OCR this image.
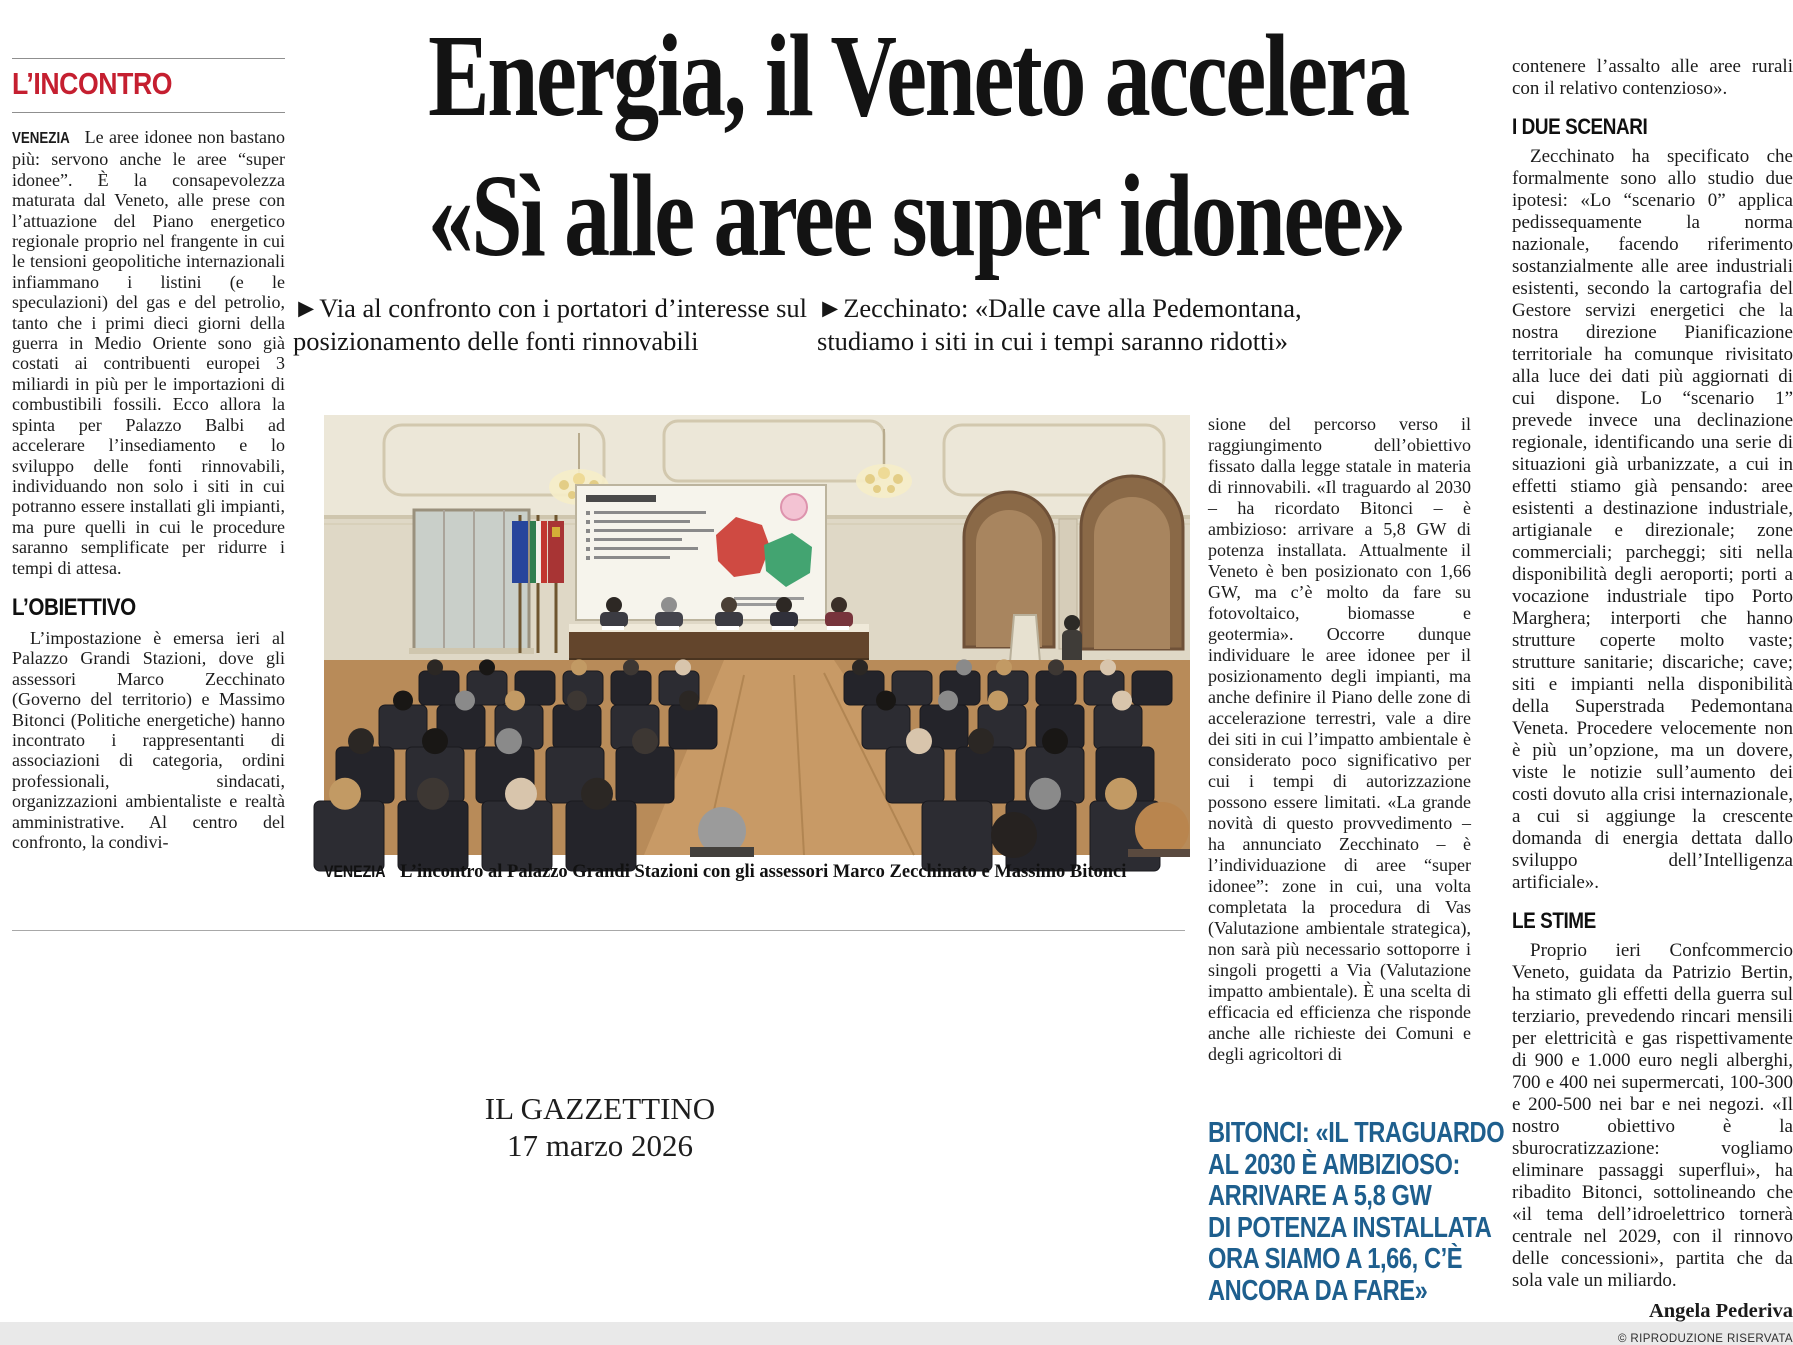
L’INCONTRO

VENEZIA Le aree idonee non bastano più: servono anche le aree “super idonee”. È la consapevolezza maturata dal Veneto, alle prese con l’attuazione del Piano energetico regionale proprio nel frangente in cui le tensioni geopolitiche internazionali infiammano i listini (e le speculazioni) del gas e del petrolio, tanto che i primi dieci giorni della guerra in Medio Oriente sono già costati ai contribuenti europei 3 miliardi in più per le importazioni di combustibili fossili. Ecco allora la spinta per Palazzo Balbi ad accelerare l’insediamento e lo sviluppo delle fonti rinnovabili, individuando non solo i siti in cui potranno essere installati gli impianti, ma pure quelli in cui le procedure saranno semplificate per ridurre i tempi di attesa.

L’OBIETTIVO

L’impostazione è emersa ieri al Palazzo Grandi Stazioni, dove gli assessori Marco Zecchinato (Governo del territorio) e Massimo Bitonci (Politiche energetiche) hanno incontrato i rappresentanti di associazioni di categoria, ordini professionali, sindacati, organizzazioni ambientaliste e realtà amministrative. Al centro del confronto, la condivi-

Energia, il Veneto accelera
«Sì alle aree super idonee»
►Via al confronto con i portatori d’interesse sul posizionamento delle fonti rinnovabili
►Zecchinato: «Dalle cave alla Pedemontana, studiamo i siti in cui i tempi saranno ridotti»
VENEZIA L’incontro al Palazzo Grandi Stazioni con gli assessori Marco Zecchinato e Massimo Bitonci
IL GAZZETTINO
17 marzo 2026

sione del percorso verso il raggiungimento dell’obiettivo fissato dalla legge statale in materia di rinnovabili. «Il traguardo al 2030 – ha ricordato Bitonci – è ambizioso: arrivare a 5,8 GW di potenza installata. Attualmente il Veneto è ben posizionato con 1,66 GW, ma c’è molto da fare su fotovoltaico, biomasse e geotermia». Occorre dunque individuare le aree idonee per il posizionamento degli impianti, ma anche definire il Piano delle zone di accelerazione terrestri, vale a dire dei siti in cui l’impatto ambientale è considerato poco significativo per cui i tempi di autorizzazione possono essere limitati. «La grande novità di questo provvedimento – ha annunciato Zecchinato – è l’individuazione di aree “super idonee”: zone in cui, una volta completata la procedura di Vas (Valutazione ambientale strategica), non sarà più necessario sottoporre i singoli progetti a Via (Valutazione impatto ambientale). È una scelta di efficacia ed efficienza che risponde anche alle richieste dei Comuni e degli agricoltori di

BITONCI: «IL TRAGUARDO
AL 2030 È AMBIZIOSO:
ARRIVARE A 5,8 GW
DI POTENZA INSTALLATA
ORA SIAMO A 1,66, C’È
ANCORA DA FARE»

contenere l’assalto alle aree rurali con il relativo contenzioso».

I DUE SCENARI

Zecchinato ha specificato che formalmente sono allo studio due ipotesi: «Lo “scenario 0” applica pedissequamente la norma nazionale, facendo riferimento sostanzialmente alle aree industriali esistenti, secondo la cartografia del Gestore servizi energetici che la nostra direzione Pianificazione territoriale ha comunque rivisitato alla luce dei dati più aggiornati di cui dispone. Lo “scenario 1” prevede invece una declinazione regionale, identificando una serie di situazioni già urbanizzate, a cui in effetti stiamo già pensando: aree esistenti a destinazione industriale, artigianale e direzionale; zone commerciali; parcheggi; siti nella disponibilità degli aeroporti; porti a vocazione industriale tipo Porto Marghera; interporti che hanno strutture coperte molto vaste; strutture sanitarie; discariche; cave; siti e impianti nella disponibilità della Superstrada Pedemontana Veneta. Procedere velocemente non è più un’opzione, ma un dovere, viste le notizie sull’aumento dei costi dovuto alla crisi internazionale, a cui si aggiunge la crescente domanda di energia dettata dallo sviluppo dell’Intelligenza artificiale».

LE STIME

Proprio ieri Confcommercio Veneto, guidata da Patrizio Bertin, ha stimato gli effetti della guerra sul terziario, prevedendo rincari mensili per elettricità e gas rispettivamente di 900 e 1.000 euro negli alberghi, 700 e 400 nei supermercati, 100-300 e 200-500 nei bar e nei negozi. «Il nostro obiettivo è la sburocratizzazione: vogliamo eliminare passaggi superflui», ha ribadito Bitonci, sottolineando che «il tema dell’idroelettrico tornerà centrale nel 2029, con il rinnovo delle concessioni», partita che da sola vale un miliardo.

Angela Pederiva
© RIPRODUZIONE RISERVATA
